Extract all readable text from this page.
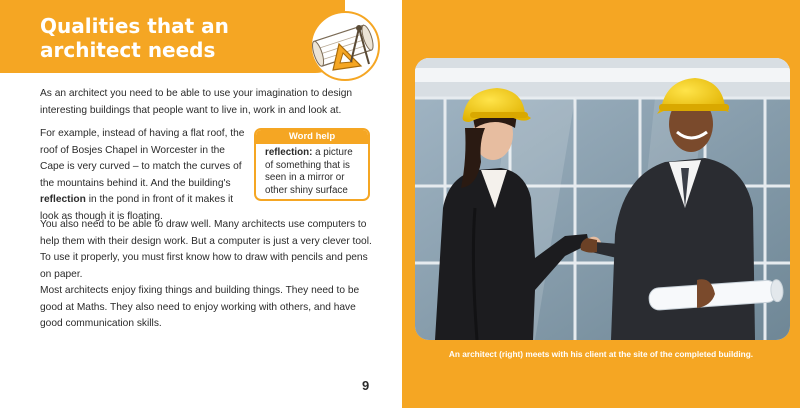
Qualities that an
architect needs

As an architect you need to be able to use your imagination to design interesting buildings that people want to live in, work in and look at.

For example, instead of having a flat roof, the roof of Bosjes Chapel in Worcester in the Cape is very curved – to match the curves of the mountains behind it. And the building's reflection in the pond in front of it makes it look as though it is floating.

Word help
reflection: a picture of something that is seen in a mirror or other shiny surface

You also need to be able to draw well. Many architects use computers to help them with their design work. But a computer is just a very clever tool. To use it properly, you must first know how to draw with pencils and pens on paper.

Most architects enjoy fixing things and building things. They need to be good at Maths. They also need to enjoy working with others, and have good communication skills.

9
An architect (right) meets with his client at the site of the completed building.
